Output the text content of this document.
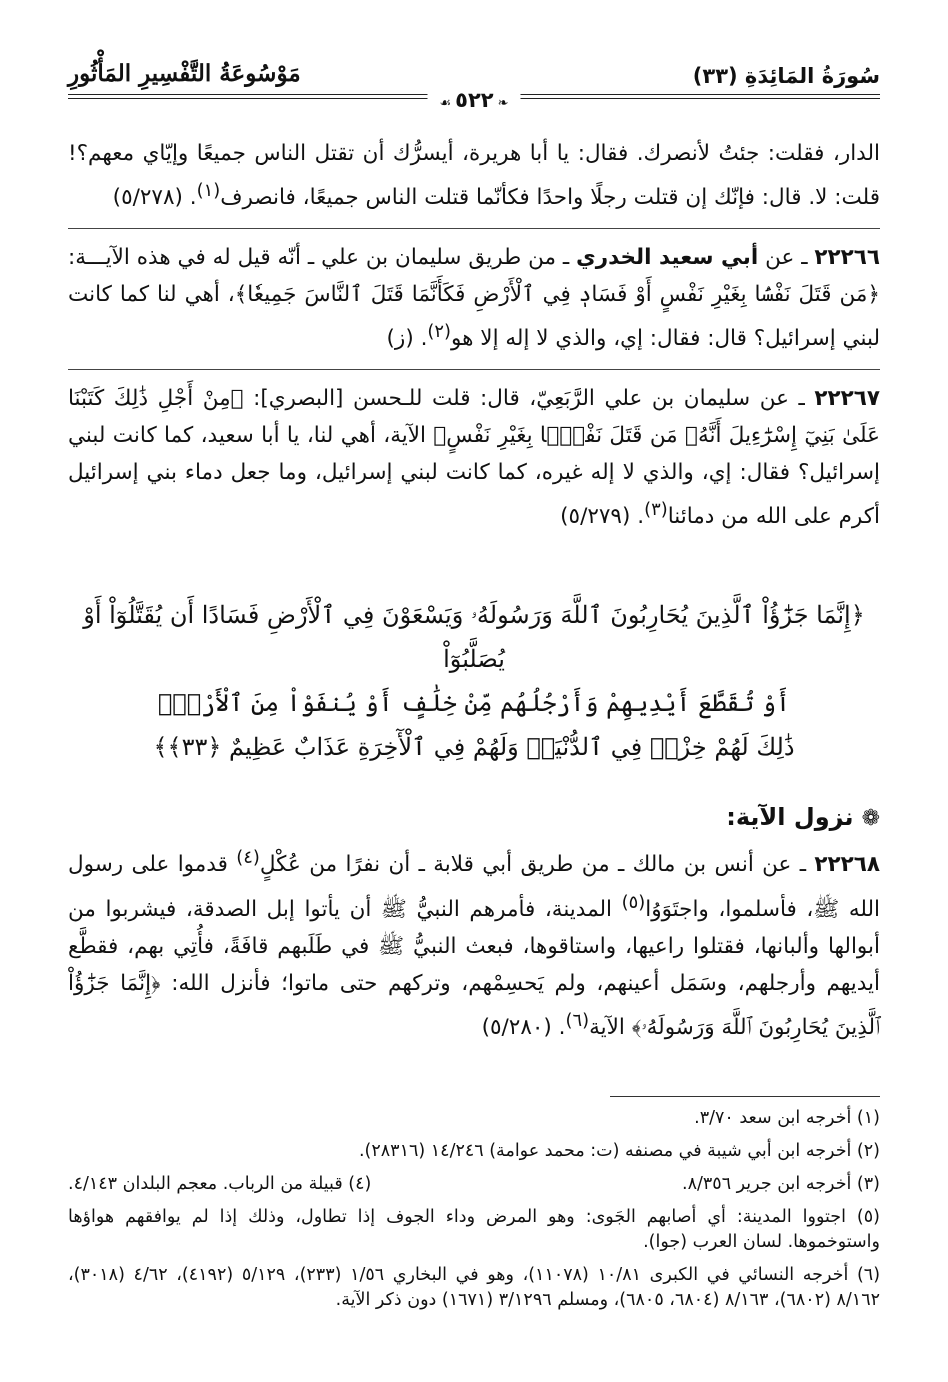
سُورَةُ المَائِدَةِ (٣٣)
مَوْسُوعَةُ التَّفْسِيرِ المَأْثُورِ
❧٥٢٢☙

الدار، فقلت: جئتُ لأنصرك. فقال: يا أبا هريرة، أيسرُّك أن تقتل الناس جميعًا وإيّاي معهم؟! قلت: لا. قال: فإنّك إن قتلت رجلًا واحدًا فكأنّما قتلت الناس جميعًا، فانصرف$^{(١)}$. (٥/٢٧٨)

٢٢٢٦٦ ـ عن أبي سعيد الخدري ـ من طريق سليمان بن علي ـ أنّه قيل له في هذه الآيـــة: ﴿مَن قَتَلَ نَفْسَۢا بِغَيْرِ نَفْسٍ أَوْ فَسَادٖ فِي ٱلْأَرْضِ فَكَأَنَّمَا قَتَلَ ٱلنَّاسَ جَمِيعٗا﴾، أهي لنا كما كانت لبني إسرائيل؟ قال: فقال: إي، والذي لا إله إلا هو$^{(٢)}$. (ز)

٢٢٢٦٧ ـ عن سليمان بن علي الرَّبَعِيّ، قال: قلت للـحسن [البصري]: ﴿مِنْ أَجْلِ ذَٰلِكَ كَتَبْنَا عَلَىٰ بَنِيٓ إِسْرَٰٓءِيلَ أَنَّهُۥ مَن قَتَلَ نَفْسَۢا بِغَيْرِ نَفْسٍ﴾ الآية، أهي لنا، يا أبا سعيد، كما كانت لبني إسرائيل؟ فقال: إي، والذي لا إله غيره، كما كانت لبني إسرائيل، وما جعل دماء بني إسرائيل أكرم على الله من دمائنا$^{(٣)}$. (٥/٢٧٩)

﴿إِنَّمَا جَزَٰٓؤُاْ ٱلَّذِينَ يُحَارِبُونَ ٱللَّهَ وَرَسُولَهُۥ وَيَسْعَوْنَ فِي ٱلْأَرْضِ فَسَادًا أَن يُقَتَّلُوٓاْ أَوْ يُصَلَّبُوٓاْ
أَوْ تُقَطَّعَ أَيْدِيهِمْ وَأَرْجُلُهُم مِّنْ خِلَٰفٍ أَوْ يُنفَوْاْ مِنَ ٱلْأَرْضِۚ
ذَٰلِكَ لَهُمْ خِزْيٞ فِي ٱلدُّنْيَاۖ وَلَهُمْ فِي ٱلْأٓخِرَةِ عَذَابٌ عَظِيمٌ ﴿٣٣﴾﴾
❁نزول الآية:

٢٢٢٦٨ ـ عن أنس بن مالك ـ من طريق أبي قلابة ـ أن نفرًا من عُكْلٍ$^{(٤)}$ قدموا على رسول الله ﷺ، فأسلموا، واجتَوَوُا$^{(٥)}$ المدينة، فأمرهم النبيُّ ﷺ أن يأتوا إبل الصدقة، فيشربوا من أبوالها وألبانها، فقتلوا راعيها، واستاقوها، فبعث النبيُّ ﷺ في طَلَبهم قافَةً، فأُتِي بهم، فقطَّع أيديهم وأرجلهم، وسَمَل أعينهم، ولم يَحسِمْهم، وتركهم حتى ماتوا؛ فأنزل الله: ﴿إِنَّمَا جَزَٰٓؤُاْ ٱلَّذِينَ يُحَارِبُونَ ٱللَّهَ وَرَسُولَهُۥ﴾ الآية$^{(٦)}$. (٥/٢٨٠)

(١) أخرجه ابن سعد ٣/٧٠.

(٢) أخرجه ابن أبي شيبة في مصنفه (ت: محمد عوامة) ١٤/٢٤٦ (٢٨٣١٦).

(٣) أخرجه ابن جرير ٨/٣٥٦.

(٤) قبيلة من الرباب. معجم البلدان ٤/١٤٣.

(٥) اجتووا المدينة: أي أصابهم الجَوى: وهو المرض وداء الجوف إذا تطاول، وذلك إذا لم يوافقهم هواؤها واستوخموها. لسان العرب (جوا).

(٦) أخرجه النسائي في الكبرى ١٠/٨١ (١١٠٧٨)، وهو في البخاري ١/٥٦ (٢٣٣)، ٥/١٢٩ (٤١٩٢)، ٤/٦٢ (٣٠١٨)، ٨/١٦٢ (٦٨٠٢)، ٨/١٦٣ (٦٨٠٤، ٦٨٠٥)، ومسلم ٣/١٢٩٦ (١٦٧١) دون ذكر الآية.
